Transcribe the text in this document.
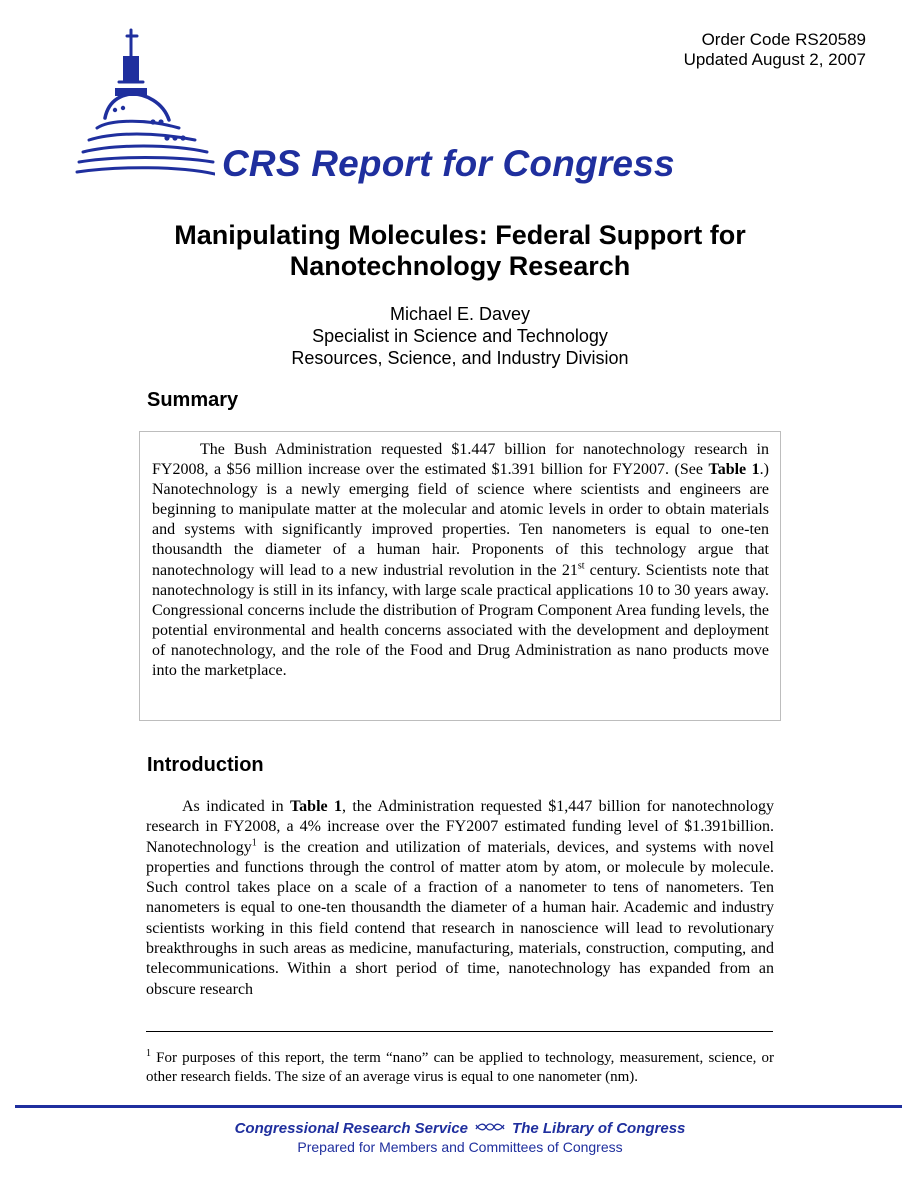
Order Code RS20589
Updated August 2, 2007
CRS Report for Congress
Manipulating Molecules: Federal Support for
Nanotechnology Research
Michael E. Davey
Specialist in Science and Technology
Resources, Science, and Industry Division
Summary

The Bush Administration requested $1.447 billion for nanotechnology research in FY2008, a $56 million increase over the estimated $1.391 billion for FY2007. (See Table 1.) Nanotechnology is a newly emerging field of science where scientists and engineers are beginning to manipulate matter at the molecular and atomic levels in order to obtain materials and systems with significantly improved properties. Ten nanometers is equal to one-ten thousandth the diameter of a human hair. Proponents of this technology argue that nanotechnology will lead to a new industrial revolution in the 21st century. Scientists note that nanotechnology is still in its infancy, with large scale practical applications 10 to 30 years away. Congressional concerns include the distribution of Program Component Area funding levels, the potential environmental and health concerns associated with the development and deployment of nanotechnology, and the role of the Food and Drug Administration as nano products move into the marketplace.

Introduction

As indicated in Table 1, the Administration requested $1,447 billion for nanotechnology research in FY2008, a 4% increase over the FY2007 estimated funding level of $1.391billion. Nanotechnology$^1$ is the creation and utilization of materials, devices, and systems with novel properties and functions through the control of matter atom by atom, or molecule by molecule. Such control takes place on a scale of a fraction of a nanometer to tens of nanometers. Ten nanometers is equal to one-ten thousandth the diameter of a human hair. Academic and industry scientists working in this field contend that research in nanoscience will lead to revolutionary breakthroughs in such areas as medicine, manufacturing, materials, construction, computing, and telecommunications. Within a short period of time, nanotechnology has expanded from an obscure research

$^1$ For purposes of this report, the term “nano” can be applied to technology, measurement, science, or other research fields. The size of an average virus is equal to one nanometer (nm).

Congressional Research Service	The Library of Congress
Prepared for Members and Committees of Congress
